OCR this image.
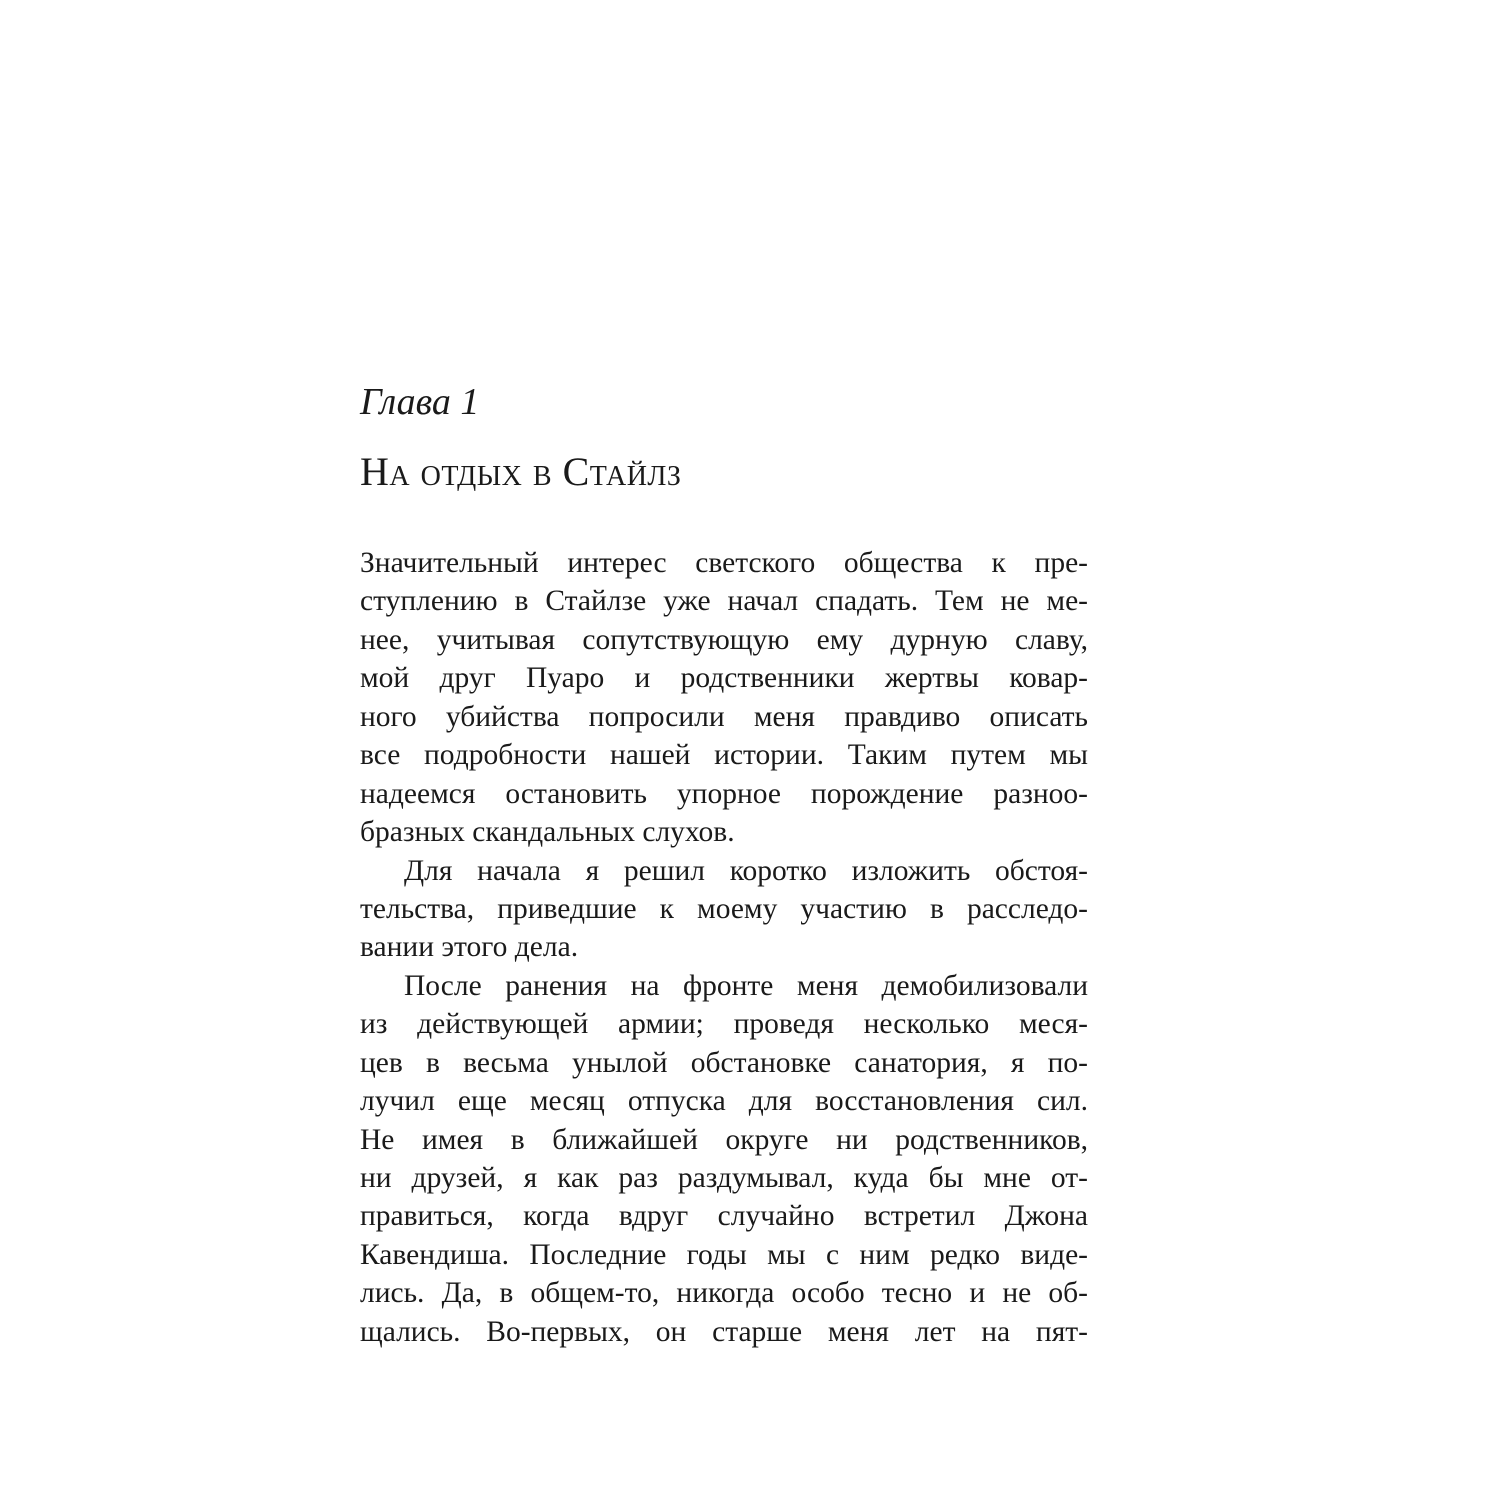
Глава 1
На отдых в Стайлз
Значительный интерес светского общества к пре-
ступлению в Стайлзе уже начал спадать. Тем не ме-
нее, учитывая сопутствующую ему дурную славу,
мой друг Пуаро и родственники жертвы ковар-
ного убийства попросили меня правдиво описать
все подробности нашей истории. Таким путем мы
надеемся остановить упорное порождение разноо-
бразных скандальных слухов.
Для начала я решил коротко изложить обстоя-
тельства, приведшие к моему участию в расследо-
вании этого дела.
После ранения на фронте меня демобилизовали
из действующей армии; проведя несколько меся-
цев в весьма унылой обстановке санатория, я по-
лучил еще месяц отпуска для восстановления сил.
Не имея в ближайшей округе ни родственников,
ни друзей, я как раз раздумывал, куда бы мне от-
правиться, когда вдруг случайно встретил Джона
Кавендиша. Последние годы мы с ним редко виде-
лись. Да, в общем-то, никогда особо тесно и не об-
щались. Во-первых, он старше меня лет на пят-
